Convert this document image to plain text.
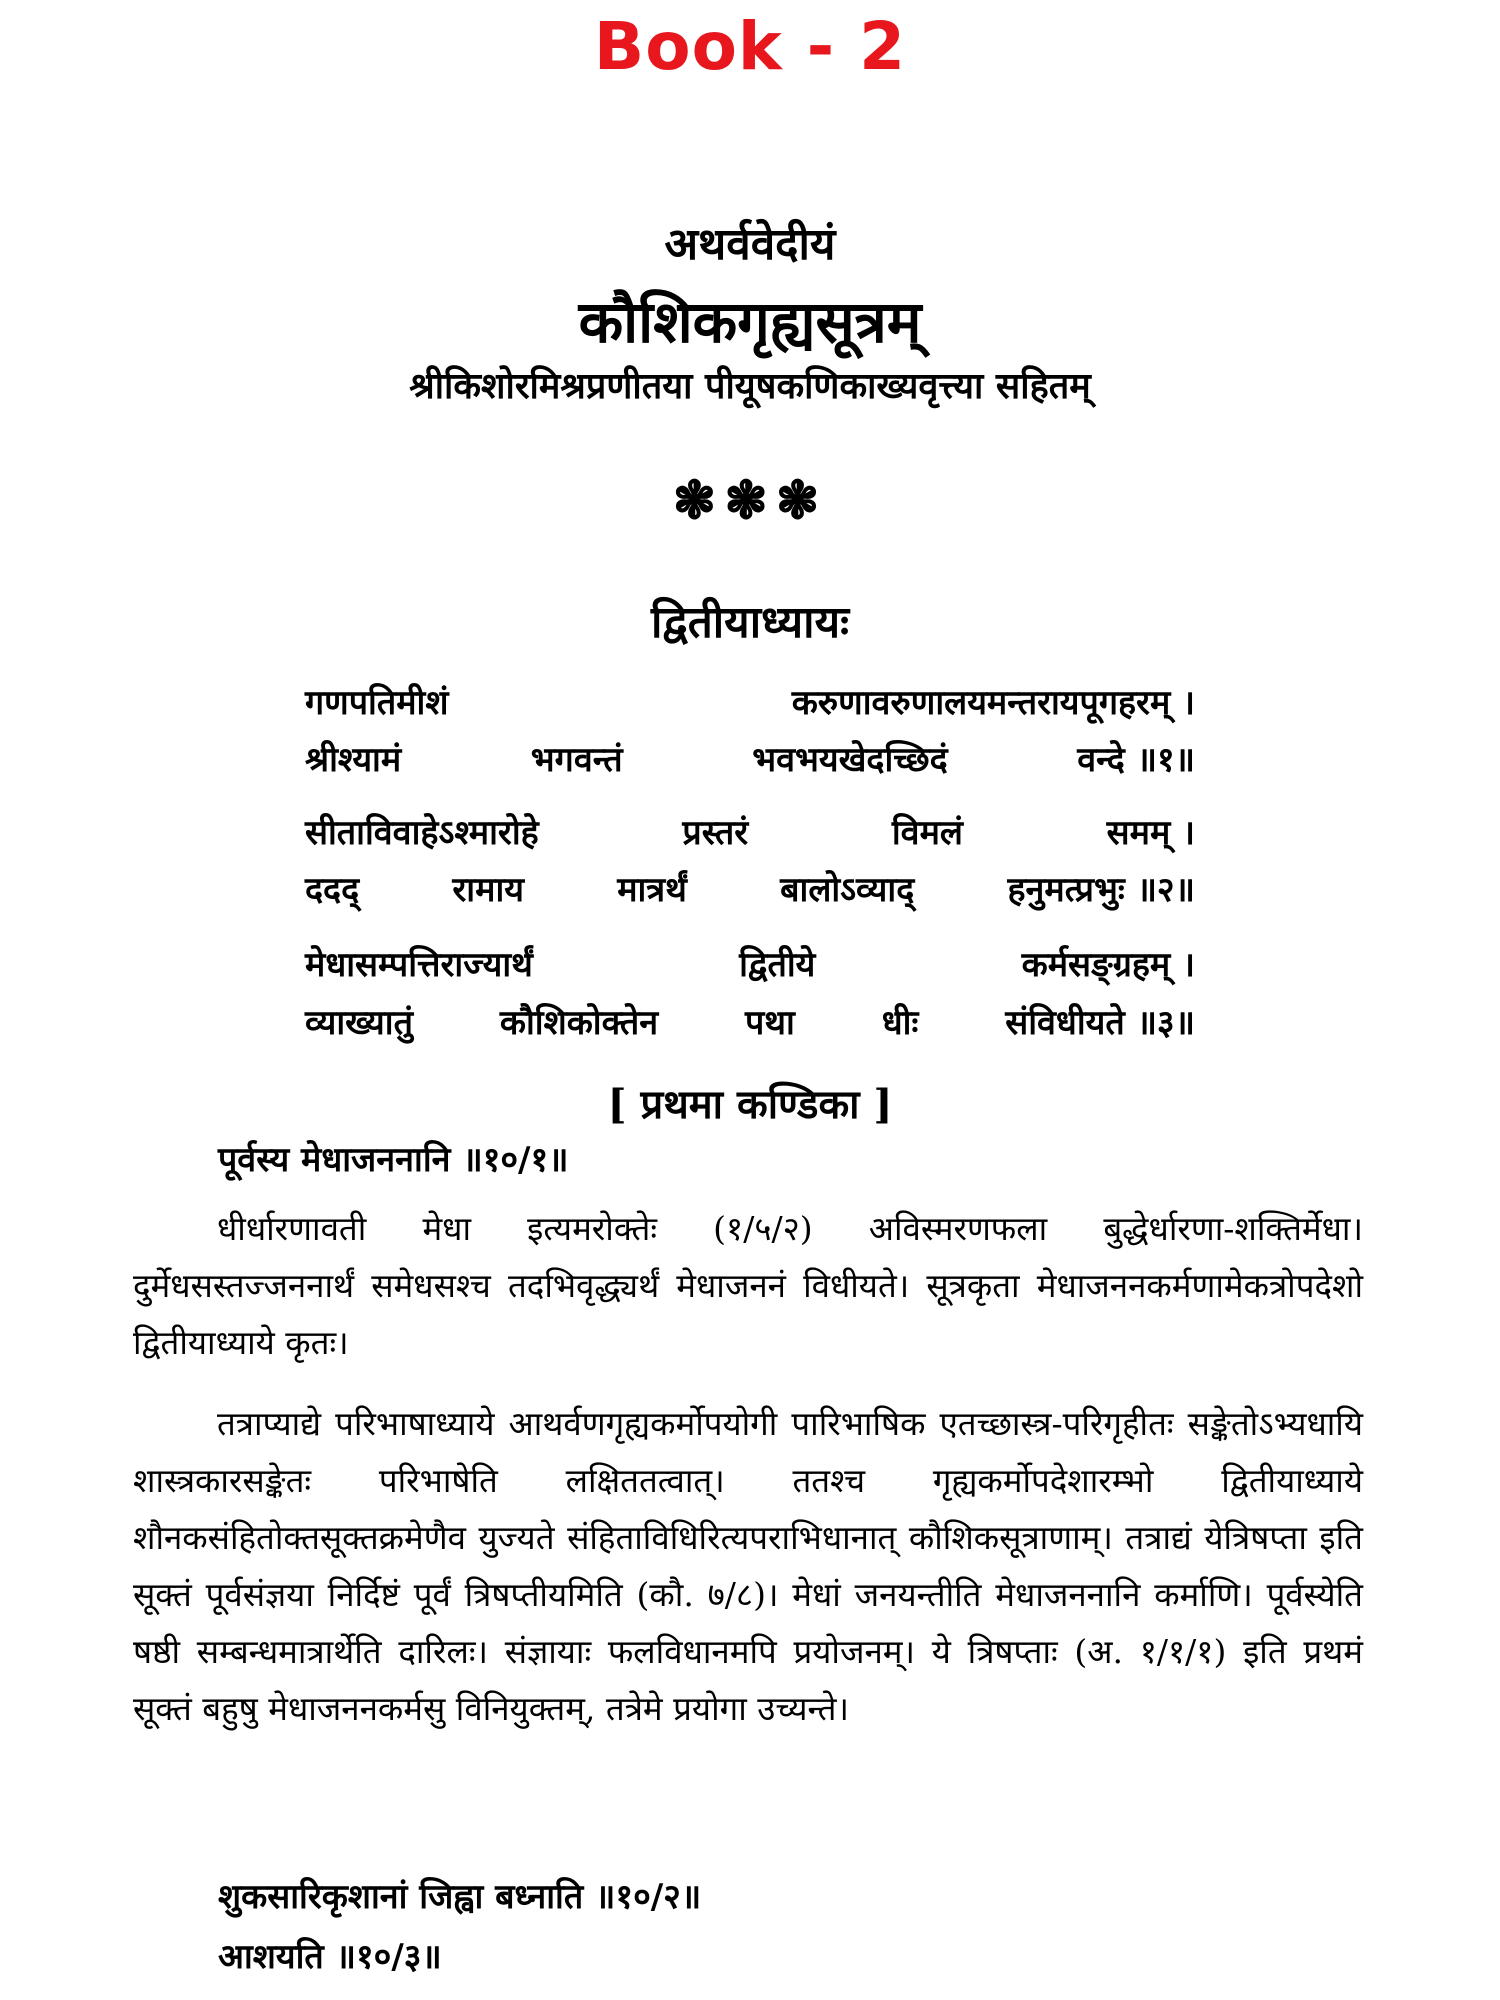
Book - 2
अथर्ववेदीयं
कौशिकगृह्यसूत्रम्
श्रीकिशोरमिश्रप्रणीतया पीयूषकणिकाख्यवृत्त्या सहितम्
❃❃❃
द्वितीयाध्यायः
गणपतिमीशं	करुणावरुणालयमन्तरायपूगहरम् ।
श्रीश्यामं	भगवन्तं	भवभयखेदच्छिदं	वन्दे ॥१॥
सीताविवाहेऽश्मारोहे	प्रस्तरं	विमलं	समम् ।
ददद्	रामाय	मात्रर्थं	बालोऽव्याद्	हनुमत्प्रभुः ॥२॥
मेधासम्पत्तिराज्यार्थं	द्वितीये	कर्मसङ्ग्रहम् ।
व्याख्यातुं	कौशिकोक्तेन	पथा	धीः	संविधीयते ॥३॥
[ प्रथमा कण्डिका ]
पूर्वस्य मेधाजननानि ॥१०/१॥
धीर्धारणावती मेधा इत्यमरोक्तेः (१/५/२) अविस्मरणफला बुद्धेर्धारणा-शक्तिर्मेधा। दुर्मेधसस्तज्जननार्थं समेधसश्च तदभिवृद्ध्यर्थं मेधाजननं विधीयते। सूत्रकृता मेधाजननकर्मणामेकत्रोपदेशो द्वितीयाध्याये कृतः।
तत्राप्याद्ये परिभाषाध्याये आथर्वणगृह्यकर्मोपयोगी पारिभाषिक एतच्छास्त्र-परिगृहीतः सङ्केतोऽभ्यधायि शास्त्रकारसङ्केतः परिभाषेति लक्षिततत्वात्। ततश्च गृह्यकर्मोपदेशारम्भो द्वितीयाध्याये शौनकसंहितोक्तसूक्तक्रमेणैव युज्यते संहिताविधिरित्यपराभिधानात् कौशिकसूत्राणाम्। तत्राद्यं येत्रिषप्ता इति सूक्तं पूर्वसंज्ञया निर्दिष्टं पूर्वं त्रिषप्तीयमिति (कौ. ७/८)। मेधां जनयन्तीति मेधाजननानि कर्माणि। पूर्वस्येति षष्ठी सम्बन्धमात्रार्थेति दारिलः। संज्ञायाः फलविधानमपि प्रयोजनम्। ये त्रिषप्ताः (अ. १/१/१) इति प्रथमं सूक्तं बहुषु मेधाजननकर्मसु विनियुक्तम्, तत्रेमे प्रयोगा उच्यन्ते।
शुकसारिकृशानां जिह्वा बध्नाति ॥१०/२॥
आशयति ॥१०/३॥
